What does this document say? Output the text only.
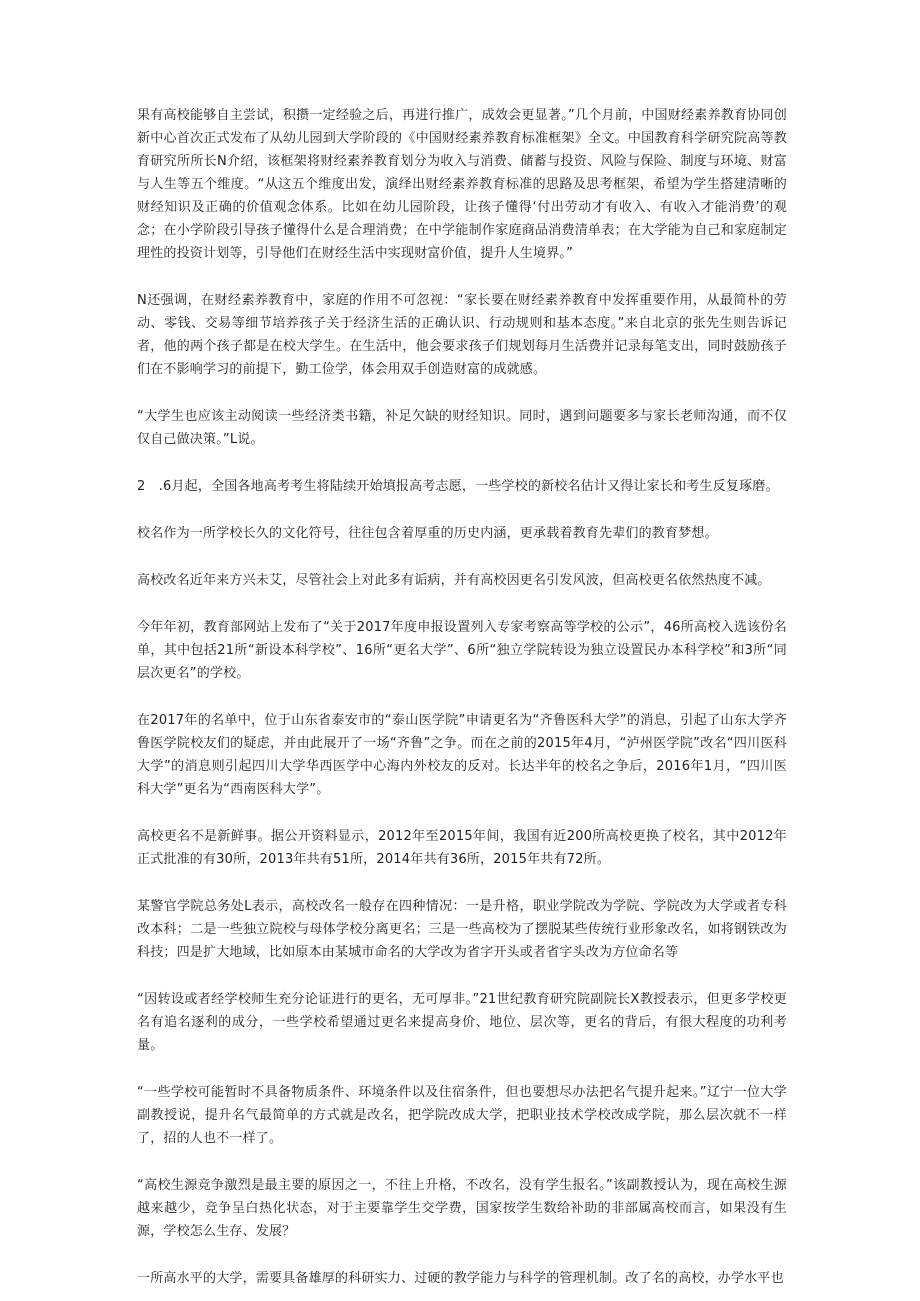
果有高校能够自主尝试，积攒一定经验之后，再进行推广，成效会更显著。”几个月前，中国财经素养教育协同创新中心首次正式发布了从幼儿园到大学阶段的《中国财经素养教育标准框架》全文。中国教育科学研究院高等教育研究所所长N介绍，该框架将财经素养教育划分为收入与消费、储蓄与投资、风险与保险、制度与环境、财富与人生等五个维度。“从这五个维度出发，演绎出财经素养教育标准的思路及思考框架，希望为学生搭建清晰的财经知识及正确的价值观念体系。比如在幼儿园阶段，让孩子懂得‘付出劳动才有收入、有收入才能消费’的观念；在小学阶段引导孩子懂得什么是合理消费；在中学能制作家庭商品消费清单表；在大学能为自己和家庭制定理性的投资计划等，引导他们在财经生活中实现财富价值，提升人生境界。”

N还强调，在财经素养教育中，家庭的作用不可忽视：“家长要在财经素养教育中发挥重要作用，从最简朴的劳动、零钱、交易等细节培养孩子关于经济生活的正确认识、行动规则和基本态度。”来自北京的张先生则告诉记者，他的两个孩子都是在校大学生。在生活中，他会要求孩子们规划每月生活费并记录每笔支出，同时鼓励孩子们在不影响学习的前提下，勤工俭学，体会用双手创造财富的成就感。

“大学生也应该主动阅读一些经济类书籍，补足欠缺的财经知识。同时，遇到问题要多与家长老师沟通，而不仅仅自己做决策。”L说。

2　.6月起，全国各地高考考生将陆续开始填报高考志愿，一些学校的新校名估计又得让家长和考生反复琢磨。

校名作为一所学校长久的文化符号，往往包含着厚重的历史内涵，更承载着教育先辈们的教育梦想。

高校改名近年来方兴未艾，尽管社会上对此多有诟病，并有高校因更名引发风波，但高校更名依然热度不减。

今年年初，教育部网站上发布了“关于2017年度申报设置列入专家考察高等学校的公示”，46所高校入选该份名单，其中包括21所“新设本科学校”、16所“更名大学”、6所“独立学院转设为独立设置民办本科学校”和3所“同层次更名”的学校。

在2017年的名单中，位于山东省泰安市的“泰山医学院”申请更名为“齐鲁医科大学”的消息，引起了山东大学齐鲁医学院校友们的疑虑，并由此展开了一场“齐鲁”之争。而在之前的2015年4月，“泸州医学院”改名“四川医科大学”的消息则引起四川大学华西医学中心海内外校友的反对。长达半年的校名之争后，2016年1月，“四川医科大学”更名为“西南医科大学”。

高校更名不是新鲜事。据公开资料显示，2012年至2015年间，我国有近200所高校更换了校名，其中2012年正式批准的有30所，2013年共有51所，2014年共有36所，2015年共有72所。

某警官学院总务处L表示，高校改名一般存在四种情况：一是升格，职业学院改为学院、学院改为大学或者专科改本科；二是一些独立院校与母体学校分离更名；三是一些高校为了摆脱某些传统行业形象改名，如将钢铁改为科技；四是扩大地域，比如原本由某城市命名的大学改为省字开头或者省字头改为方位命名等

“因转设或者经学校师生充分论证进行的更名，无可厚非。”21世纪教育研究院副院长X教授表示，但更多学校更名有追名逐利的成分，一些学校希望通过更名来提高身价、地位、层次等，更名的背后，有很大程度的功利考量。

“一些学校可能暂时不具备物质条件、环境条件以及住宿条件，但也要想尽办法把名气提升起来。”辽宁一位大学副教授说，提升名气最简单的方式就是改名，把学院改成大学，把职业技术学校改成学院，那么层次就不一样了，招的人也不一样了。

“高校生源竞争激烈是最主要的原因之一，不往上升格，不改名，没有学生报名。”该副教授认为，现在高校生源越来越少，竞争呈白热化状态，对于主要靠学生交学费，国家按学生数给补助的非部属高校而言，如果没有生源，学校怎么生存、发展？

一所高水平的大学，需要具备雄厚的科研实力、过硬的教学能力与科学的管理机制。改了名的高校，办学水平也
